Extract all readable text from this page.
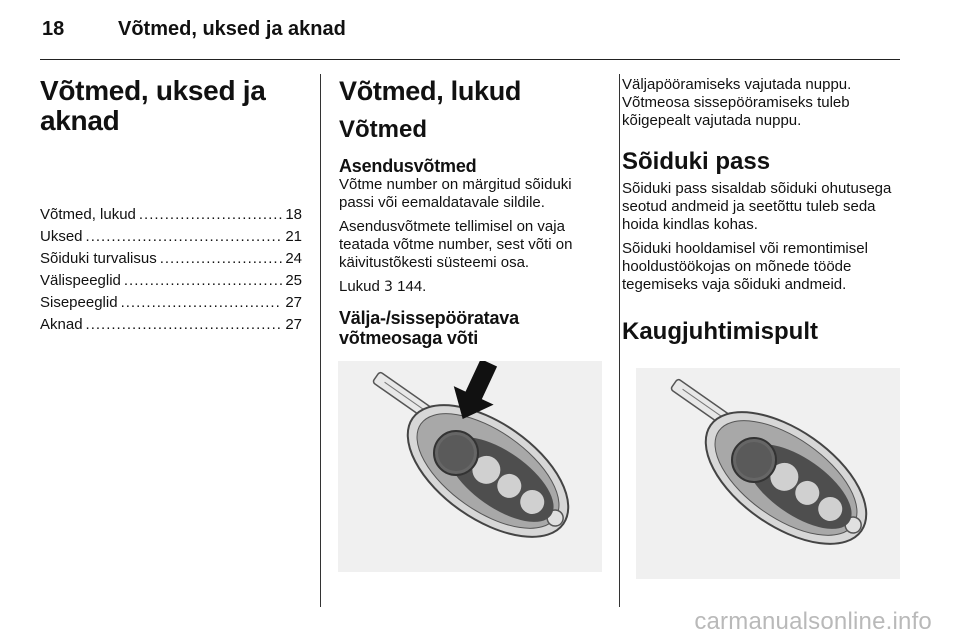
18	Võtmed, uksed ja aknad
Võtmed, uksed ja aknad
Võtmed, lukud .....	18
Uksed .....	21
Sõiduki turvalisus .....	24
Välispeeglid .....	25
Sisepeeglid .....	27
Aknad .....	27
Võtmed, lukud
Võtmed
Asendusvõtmed

Võtme number on märgitud sõiduki passi või eemaldatavale sildile.

Asendusvõtmete tellimisel on vaja teatada võtme number, sest võti on käivitustõkesti süsteemi osa.

Lukud 3 144.

Välja-/sissepööratava võtmeosaga võti

Väljapööramiseks vajutada nuppu. Võtmeosa sissepööramiseks tuleb kõigepealt vajutada nuppu.

Sõiduki pass

Sõiduki pass sisaldab sõiduki ohutusega seotud andmeid ja seetõttu tuleb seda hoida kindlas kohas.

Sõiduki hooldamisel või remontimisel hooldustöökojas on mõnede tööde tegemiseks vaja sõiduki andmeid.

Kaugjuhtimispult
carmanualsonline.info
